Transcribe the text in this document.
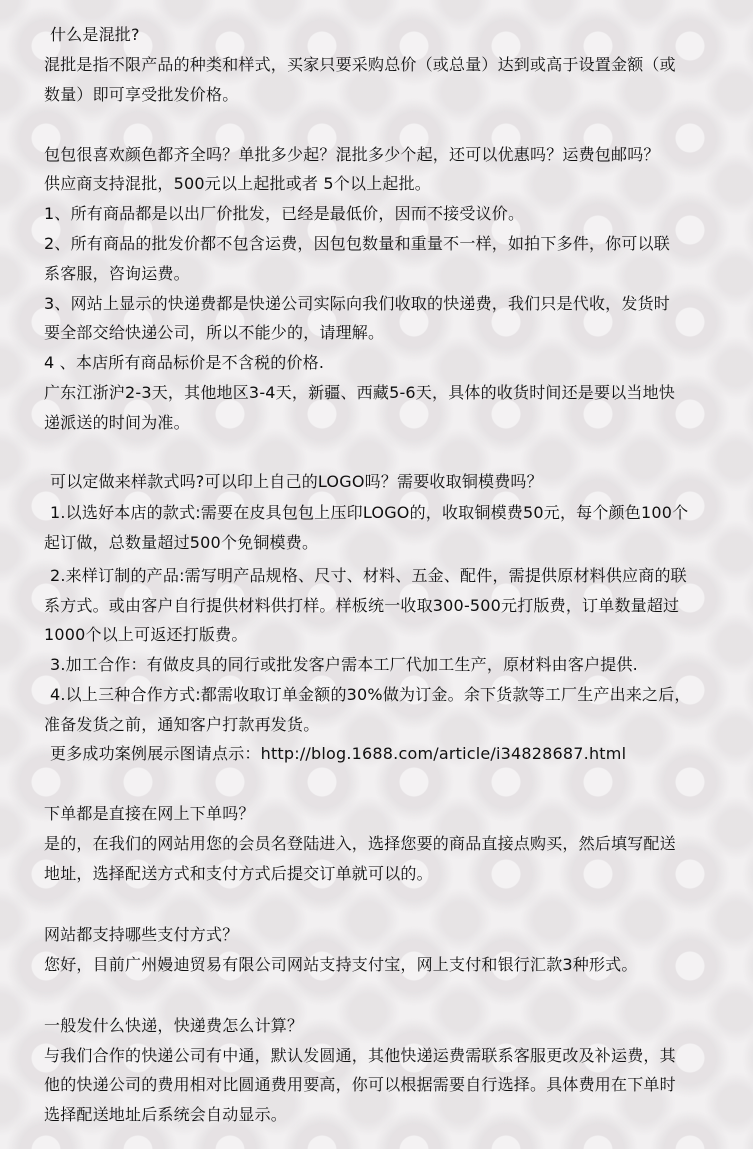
什么是混批?

混批是指不限产品的种类和样式，买家只要采购总价（或总量）达到或高于设置金额（或

数量）即可享受批发价格。

包包很喜欢颜色都齐全吗？单批多少起？混批多少个起，还可以优惠吗？运费包邮吗？

供应商支持混批，500元以上起批或者 5个以上起批。

1、所有商品都是以出厂价批发，已经是最低价，因而不接受议价。

2、所有商品的批发价都不包含运费，因包包数量和重量不一样，如拍下多件，你可以联

系客服，咨询运费。

3、网站上显示的快递费都是快递公司实际向我们收取的快递费，我们只是代收，发货时

要全部交给快递公司，所以不能少的，请理解。

4 、本店所有商品标价是不含税的价格.

广东江浙沪2-3天，其他地区3-4天，新疆、西藏5-6天，具体的收货时间还是要以当地快

递派送的时间为准。

可以定做来样款式吗?可以印上自己的LOGO吗？需要收取铜模费吗？

1.以选好本店的款式:需要在皮具包包上压印LOGO的，收取铜模费50元，每个颜色100个

起订做，总数量超过500个免铜模费。

2.来样订制的产品:需写明产品规格、尺寸、材料、五金、配件，需提供原材料供应商的联

系方式。或由客户自行提供材料供打样。样板统一收取300-500元打版费，订单数量超过

1000个以上可返还打版费。

3.加工合作：有做皮具的同行或批发客户需本工厂代加工生产，原材料由客户提供.

4.以上三种合作方式:都需收取订单金额的30%做为订金。余下货款等工厂生产出来之后，

准备发货之前，通知客户打款再发货。

更多成功案例展示图请点示：http://blog.1688.com/article/i34828687.html

下单都是直接在网上下单吗？

是的，在我们的网站用您的会员名登陆进入，选择您要的商品直接点购买，然后填写配送

地址，选择配送方式和支付方式后提交订单就可以的。

网站都支持哪些支付方式？

您好，目前广州嫚迪贸易有限公司网站支持支付宝，网上支付和银行汇款3种形式。

一般发什么快递，快递费怎么计算？

与我们合作的快递公司有中通，默认发圆通，其他快递运费需联系客服更改及补运费，其

他的快递公司的费用相对比圆通费用要高，你可以根据需要自行选择。具体费用在下单时

选择配送地址后系统会自动显示。
